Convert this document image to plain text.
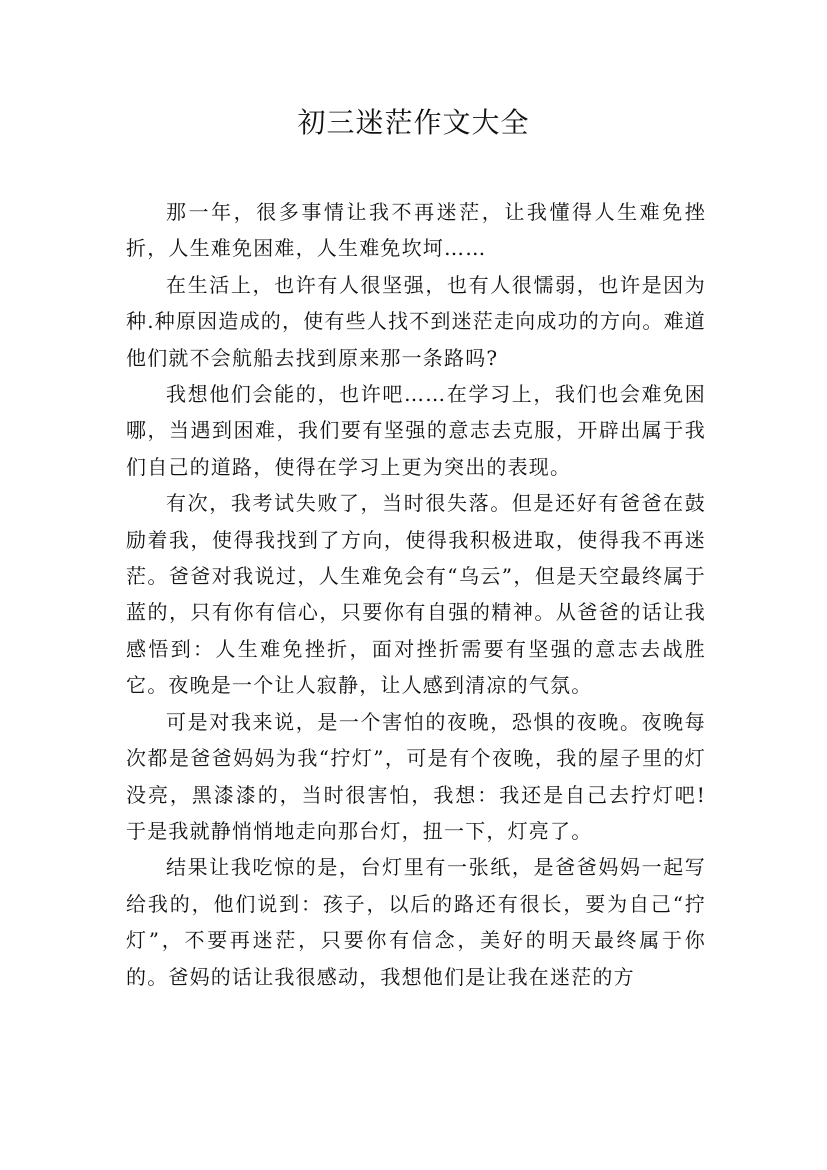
初三迷茫作文大全

那一年，很多事情让我不再迷茫，让我懂得人生难免挫折，人生难免困难，人生难免坎坷……

在生活上，也许有人很坚强，也有人很懦弱，也许是因为种.种原因造成的，使有些人找不到迷茫走向成功的方向。难道他们就不会航船去找到原来那一条路吗?

我想他们会能的，也许吧……在学习上，我们也会难免困哪，当遇到困难，我们要有坚强的意志去克服，开辟出属于我们自己的道路，使得在学习上更为突出的表现。

有次，我考试失败了，当时很失落。但是还好有爸爸在鼓励着我，使得我找到了方向，使得我积极进取，使得我不再迷茫。爸爸对我说过，人生难免会有“乌云”，但是天空最终属于蓝的，只有你有信心，只要你有自强的精神。从爸爸的话让我感悟到：人生难免挫折，面对挫折需要有坚强的意志去战胜它。夜晚是一个让人寂静，让人感到清凉的气氛。

可是对我来说，是一个害怕的夜晚，恐惧的夜晚。夜晚每次都是爸爸妈妈为我“拧灯”，可是有个夜晚，我的屋子里的灯没亮，黑漆漆的，当时很害怕，我想：我还是自己去拧灯吧!于是我就静悄悄地走向那台灯，扭一下，灯亮了。

结果让我吃惊的是，台灯里有一张纸，是爸爸妈妈一起写给我的，他们说到：孩子，以后的路还有很长，要为自己“拧灯”，不要再迷茫，只要你有信念，美好的明天最终属于你的。爸妈的话让我很感动，我想他们是让我在迷茫的方
